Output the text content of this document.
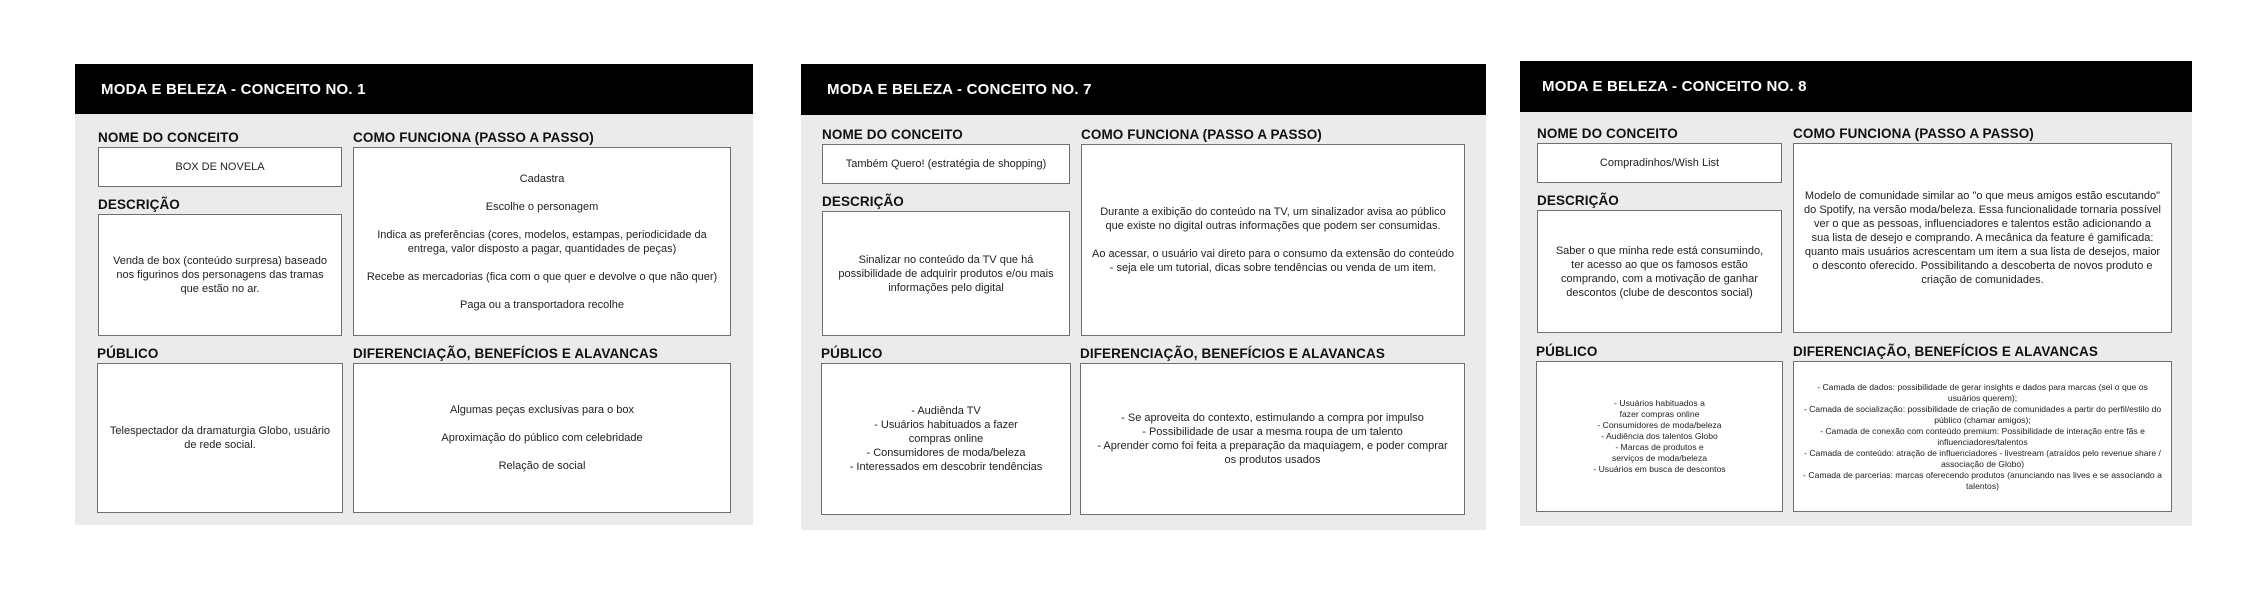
MODA E BELEZA - CONCEITO NO. 1
NOME DO CONCEITO

BOX DE NOVELA

DESCRIÇÃO

Venda de box (conteúdo surpresa) baseado nos figurinos dos personagens das tramas que estão no ar.

COMO FUNCIONA (PASSO A PASSO)

Cadastra

Escolhe o personagem

Indica as preferências (cores, modelos, estampas, periodicidade da entrega, valor disposto a pagar, quantidades de peças)

Recebe as mercadorias (fica com o que quer e devolve o que não quer)

Paga ou a transportadora recolhe

PÚBLICO

Telespectador da dramaturgia Globo, usuário de rede social.

DIFERENCIAÇÃO, BENEFÍCIOS E ALAVANCAS

Algumas peças exclusivas para o box

Aproximação do público com celebridade

Relação de social

MODA E BELEZA - CONCEITO NO. 7
NOME DO CONCEITO

Também Quero! (estratégia de shopping)

DESCRIÇÃO

Sinalizar no conteúdo da TV que há possibilidade de adquirir produtos e/ou mais informações pelo digital

COMO FUNCIONA (PASSO A PASSO)

Durante a exibição do conteúdo na TV, um sinalizador avisa ao público que existe no digital outras informações que podem ser consumidas.

Ao acessar, o usuário vai direto para o consumo da extensão do conteúdo - seja ele um tutorial, dicas sobre tendências ou venda de um item.

PÚBLICO

- Audiênda TV

- Usuários habituados a fazer compras online

- Consumidores de moda/beleza

- Interessados em descobrir tendências

DIFERENCIAÇÃO, BENEFÍCIOS E ALAVANCAS

- Se aproveita do contexto, estimulando a compra por impulso

- Possibilidade de usar a mesma roupa de um talento

- Aprender como foi feita a preparação da maquiagem, e poder comprar os produtos usados

MODA E BELEZA - CONCEITO NO. 8
NOME DO CONCEITO

Compradinhos/Wish List

DESCRIÇÃO

Saber o que minha rede está consumindo, ter acesso ao que os famosos estão comprando, com a motivação de ganhar descontos (clube de descontos social)

COMO FUNCIONA (PASSO A PASSO)

Modelo de comunidade similar ao "o que meus amigos estão escutando" do Spotify, na versão moda/beleza. Essa funcionalidade tornaria possível ver o que as pessoas, influenciadores e talentos estão adicionando a sua lista de desejo e comprando. A mecânica da feature é gamificada: quanto mais usuários acrescentam um item a sua lista de desejos, maior o desconto oferecido. Possibilitando a descoberta de novos produto e criação de comunidades.

PÚBLICO

- Usuários habituados a fazer compras online

- Consumidores de moda/beleza

- Audiência dos talentos Globo

- Marcas de produtos e serviços de moda/beleza

- Usuários em busca de descontos

DIFERENCIAÇÃO, BENEFÍCIOS E ALAVANCAS

- Camada de dados: possibilidade de gerar insights e dados para marcas (sei o que os usuários querem);

- Camada de socialização: possibilidade de criação de comunidades a partir do perfil/estilo do público (chamar amigos);

- Camada de conexão com conteúdo premium: Possibilidade de interação entre fãs e influenciadores/talentos

- Camada de conteúdo: atração de influenciadores - livestream (atraídos pelo revenue share / associação de Globo)

- Camada de parcerias: marcas oferecendo produtos (anunciando nas lives e se associando a talentos)
